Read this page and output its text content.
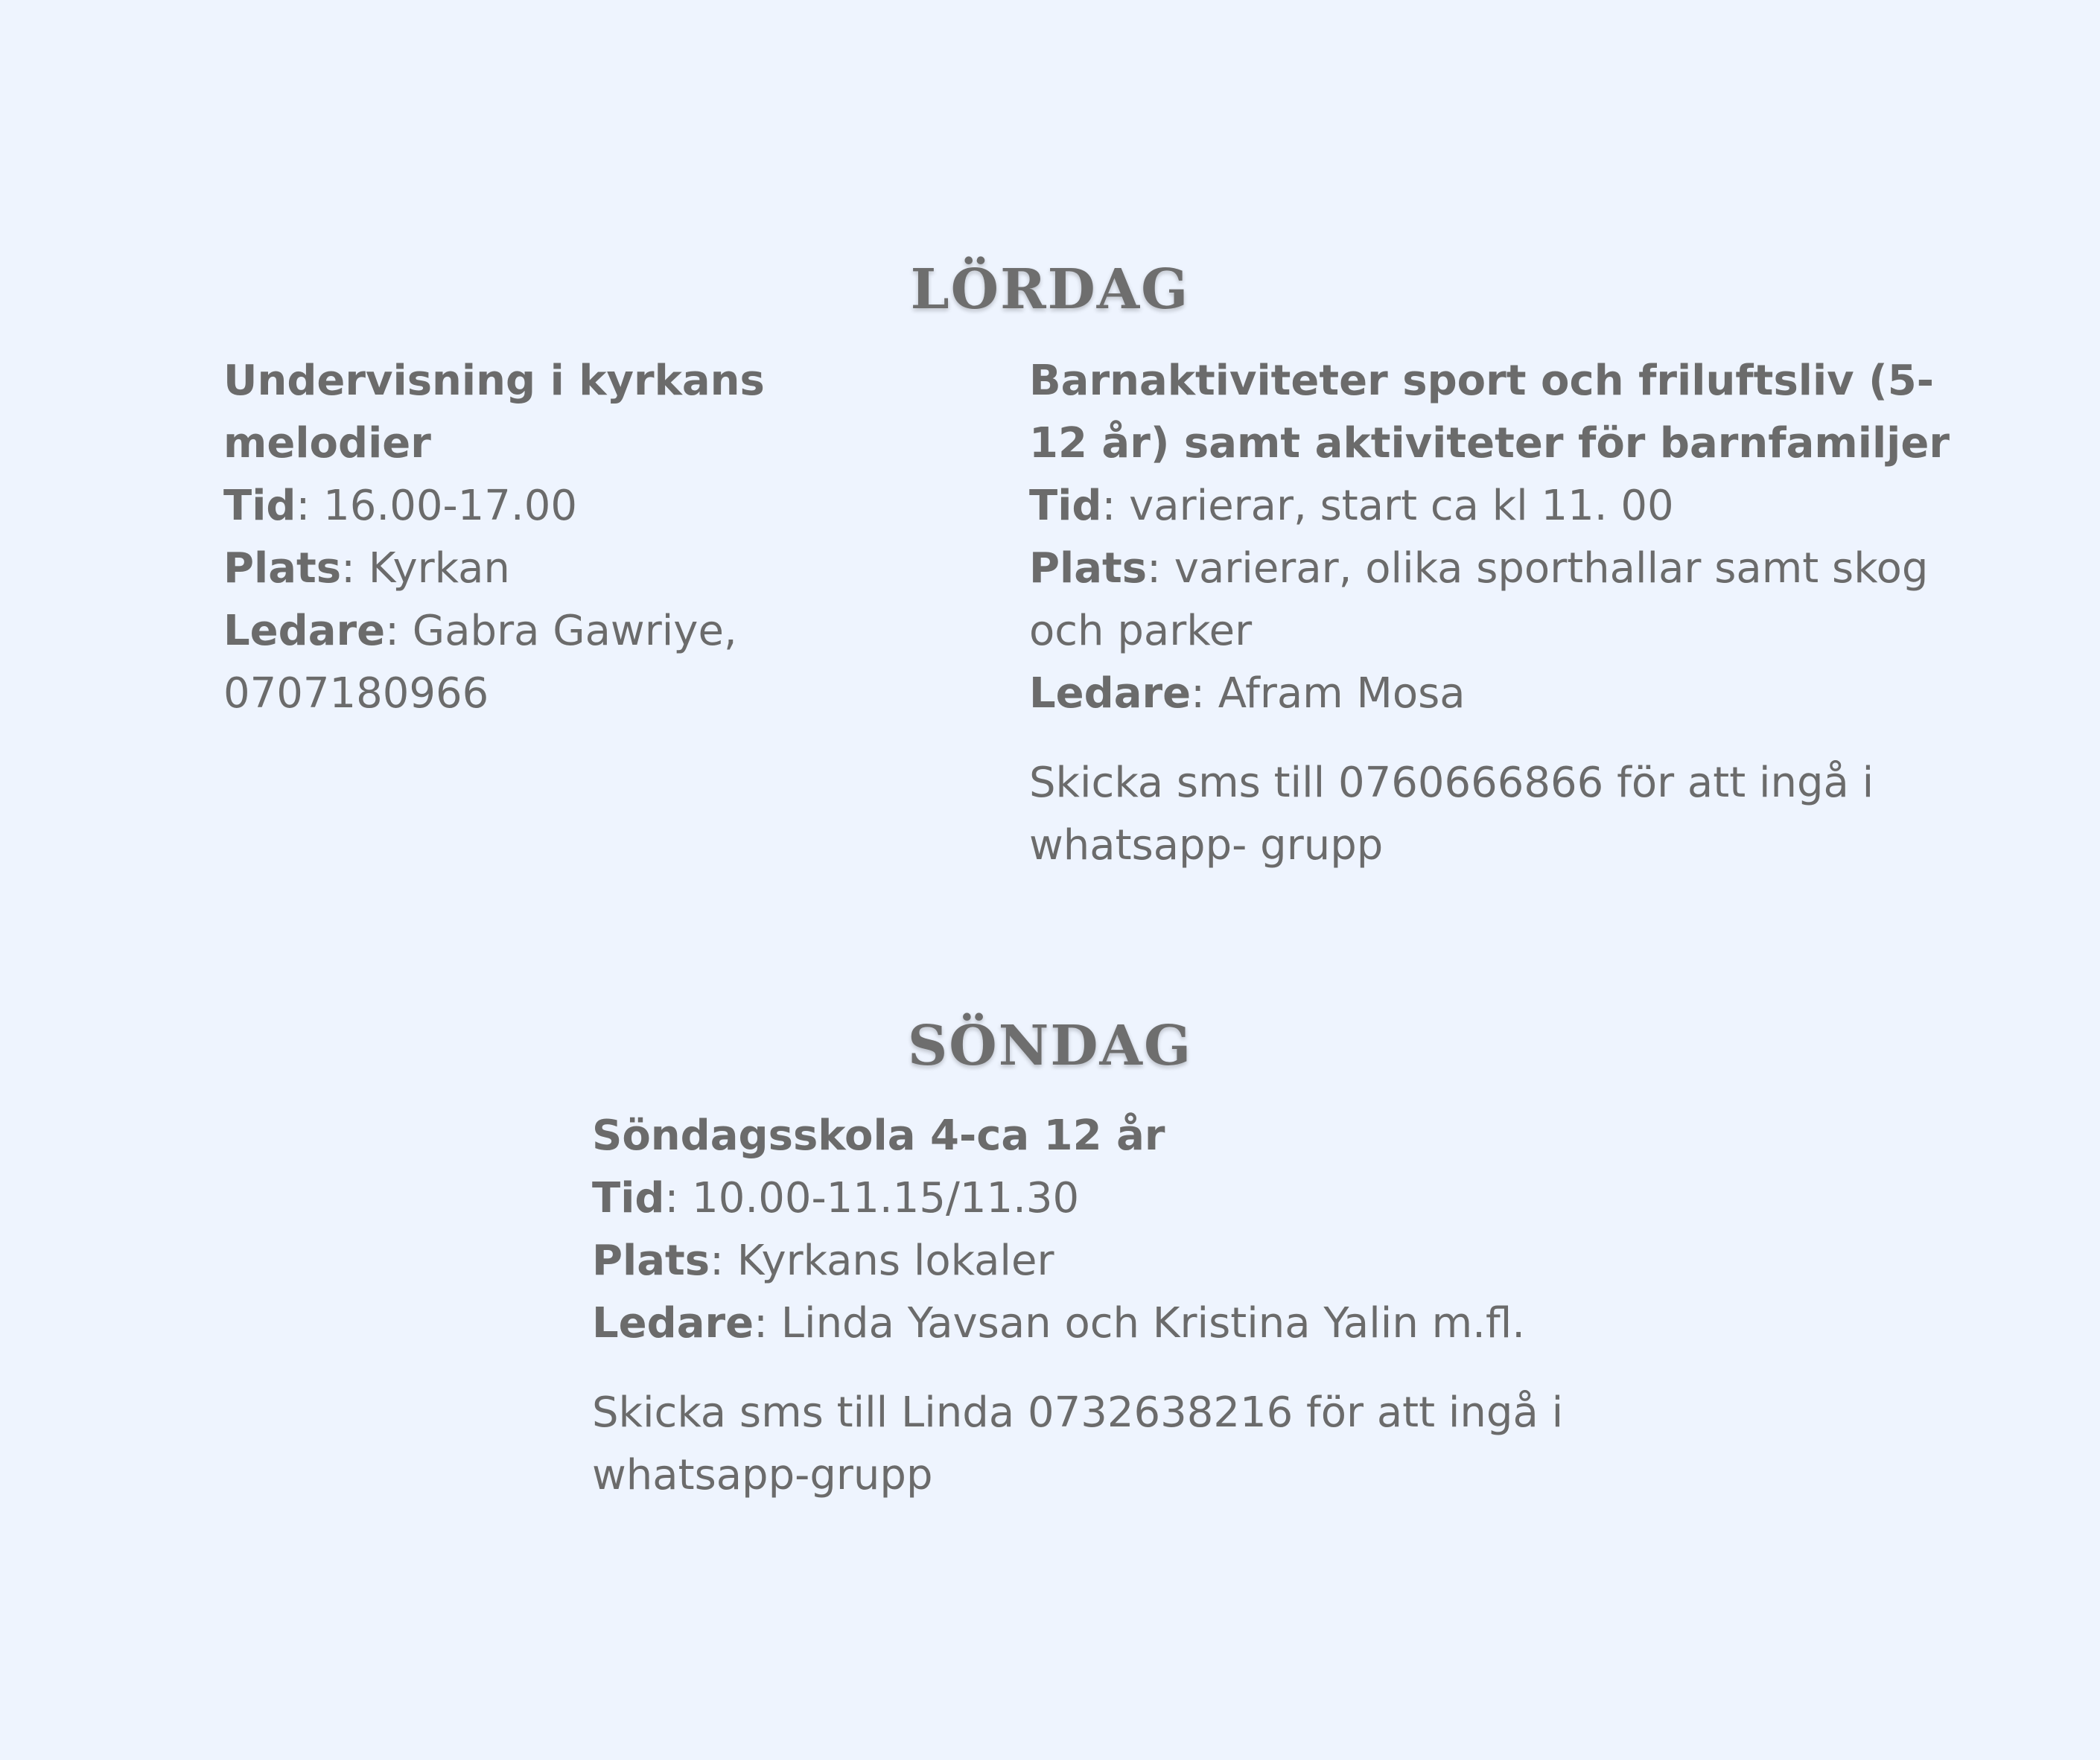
LÖRDAG

Undervisning i kyrkans melodier

Tid: 16.00-17.00

Plats: Kyrkan

Ledare: Gabra Gawriye, 0707180966

Barnaktiviteter sport och friluftsliv (5-12 år) samt aktiviteter för barnfamiljer

Tid: varierar, start ca kl 11. 00

Plats: varierar, olika sporthallar samt skog och parker

Ledare: Afram Mosa

Skicka sms till 0760666866 för att ingå i whatsapp- grupp

SÖNDAG

Söndagsskola 4-ca 12 år

Tid: 10.00-11.15/11.30

Plats: Kyrkans lokaler

Ledare: Linda Yavsan och Kristina Yalin m.fl.

Skicka sms till Linda 0732638216 för att ingå i whatsapp-grupp
